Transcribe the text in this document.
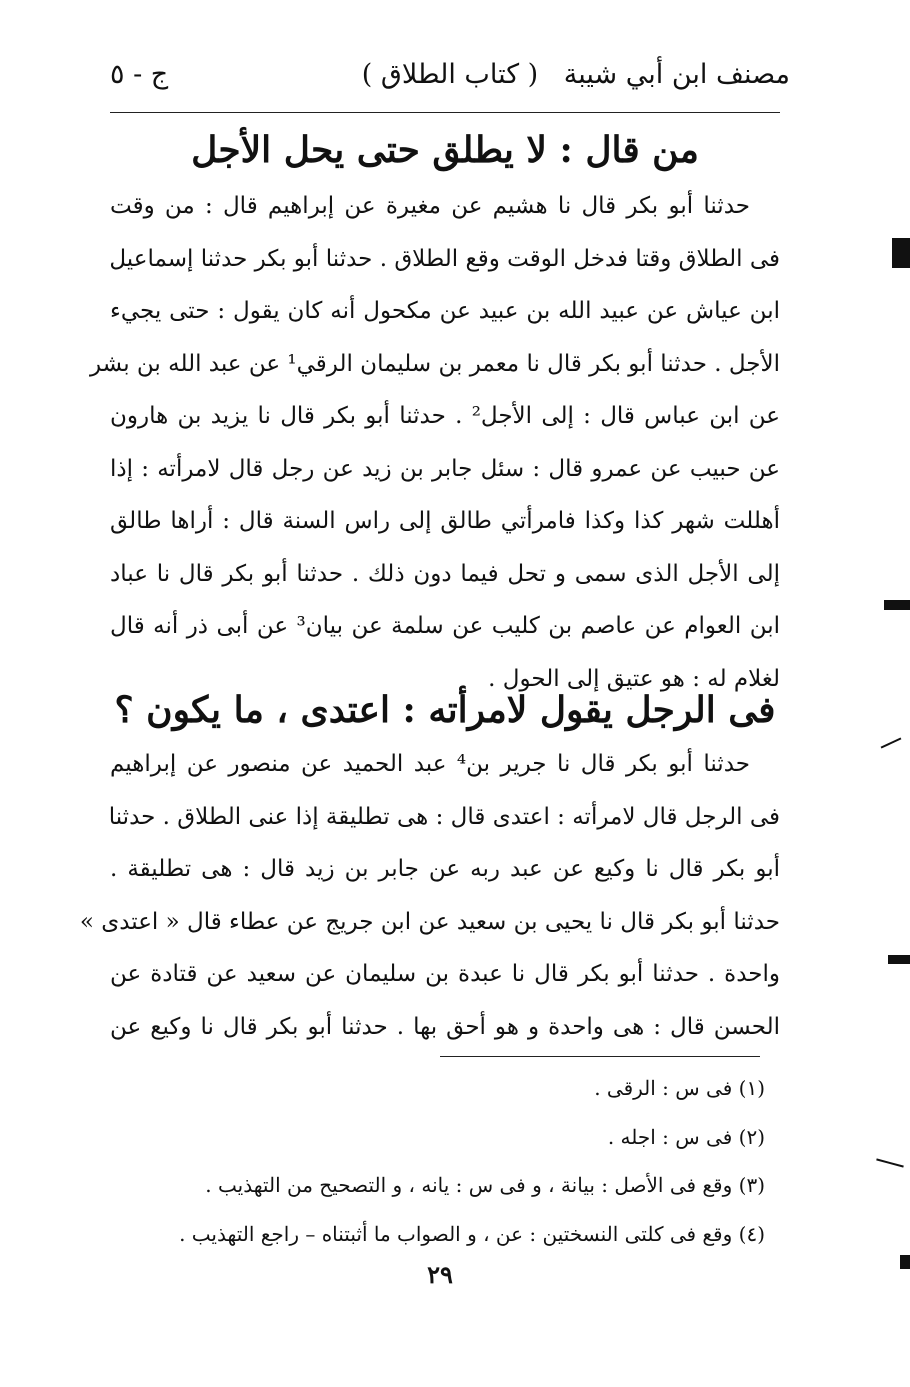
مصنف ابن أبي شيبة
( كتاب الطلاق )
ج - ٥
من قال : لا يطلق حتى يحل الأجل
حدثنا أبو بكر قال نا هشيم عن مغيرة عن إبراهيم قال : من وقت
فى الطلاق وقتا فدخل الوقت وقع الطلاق . حدثنا أبو بكر حدثنا إسماعيل
ابن عياش عن عبيد الله بن عبيد عن مكحول أنه كان يقول : حتى يجيء
الأجل . حدثنا أبو بكر قال نا معمر بن سليمان الرقي¹ عن عبد الله بن بشر
عن ابن عباس قال : إلى الأجل² . حدثنا أبو بكر قال نا يزيد بن هارون
عن حبيب عن عمرو قال : سئل جابر بن زيد عن رجل قال لامرأته : إذا
أهللت شهر كذا وكذا فامرأتي طالق إلى راس السنة قال : أراها طالق
إلى الأجل الذى سمى و تحل فيما دون ذلك . حدثنا أبو بكر قال نا عباد
ابن العوام عن عاصم بن كليب عن سلمة عن بيان³ عن أبى ذر أنه قال
لغلام له : هو عتيق إلى الحول .
فى الرجل يقول لامرأته : اعتدى ، ما يكون ؟
حدثنا أبو بكر قال نا جرير بن⁴ عبد الحميد عن منصور عن إبراهيم
فى الرجل قال لامرأته : اعتدى قال : هى تطليقة إذا عنى الطلاق . حدثنا
أبو بكر قال نا وكيع عن عبد ربه عن جابر بن زيد قال : هى تطليقة .
حدثنا أبو بكر قال نا يحيى بن سعيد عن ابن جريج عن عطاء قال « اعتدى »
واحدة . حدثنا أبو بكر قال نا عبدة بن سليمان عن سعيد عن قتادة عن
الحسن قال : هى واحدة و هو أحق بها . حدثنا أبو بكر قال نا وكيع عن

(١) فى س : الرقى .

(٢) فى س : اجله .

(٣) وقع فى الأصل : بيانة ، و فى س : يانه ، و التصحيح من التهذيب .

(٤) وقع فى كلتى النسختين : عن ، و الصواب ما أثبتناه – راجع التهذيب .

٢٩
